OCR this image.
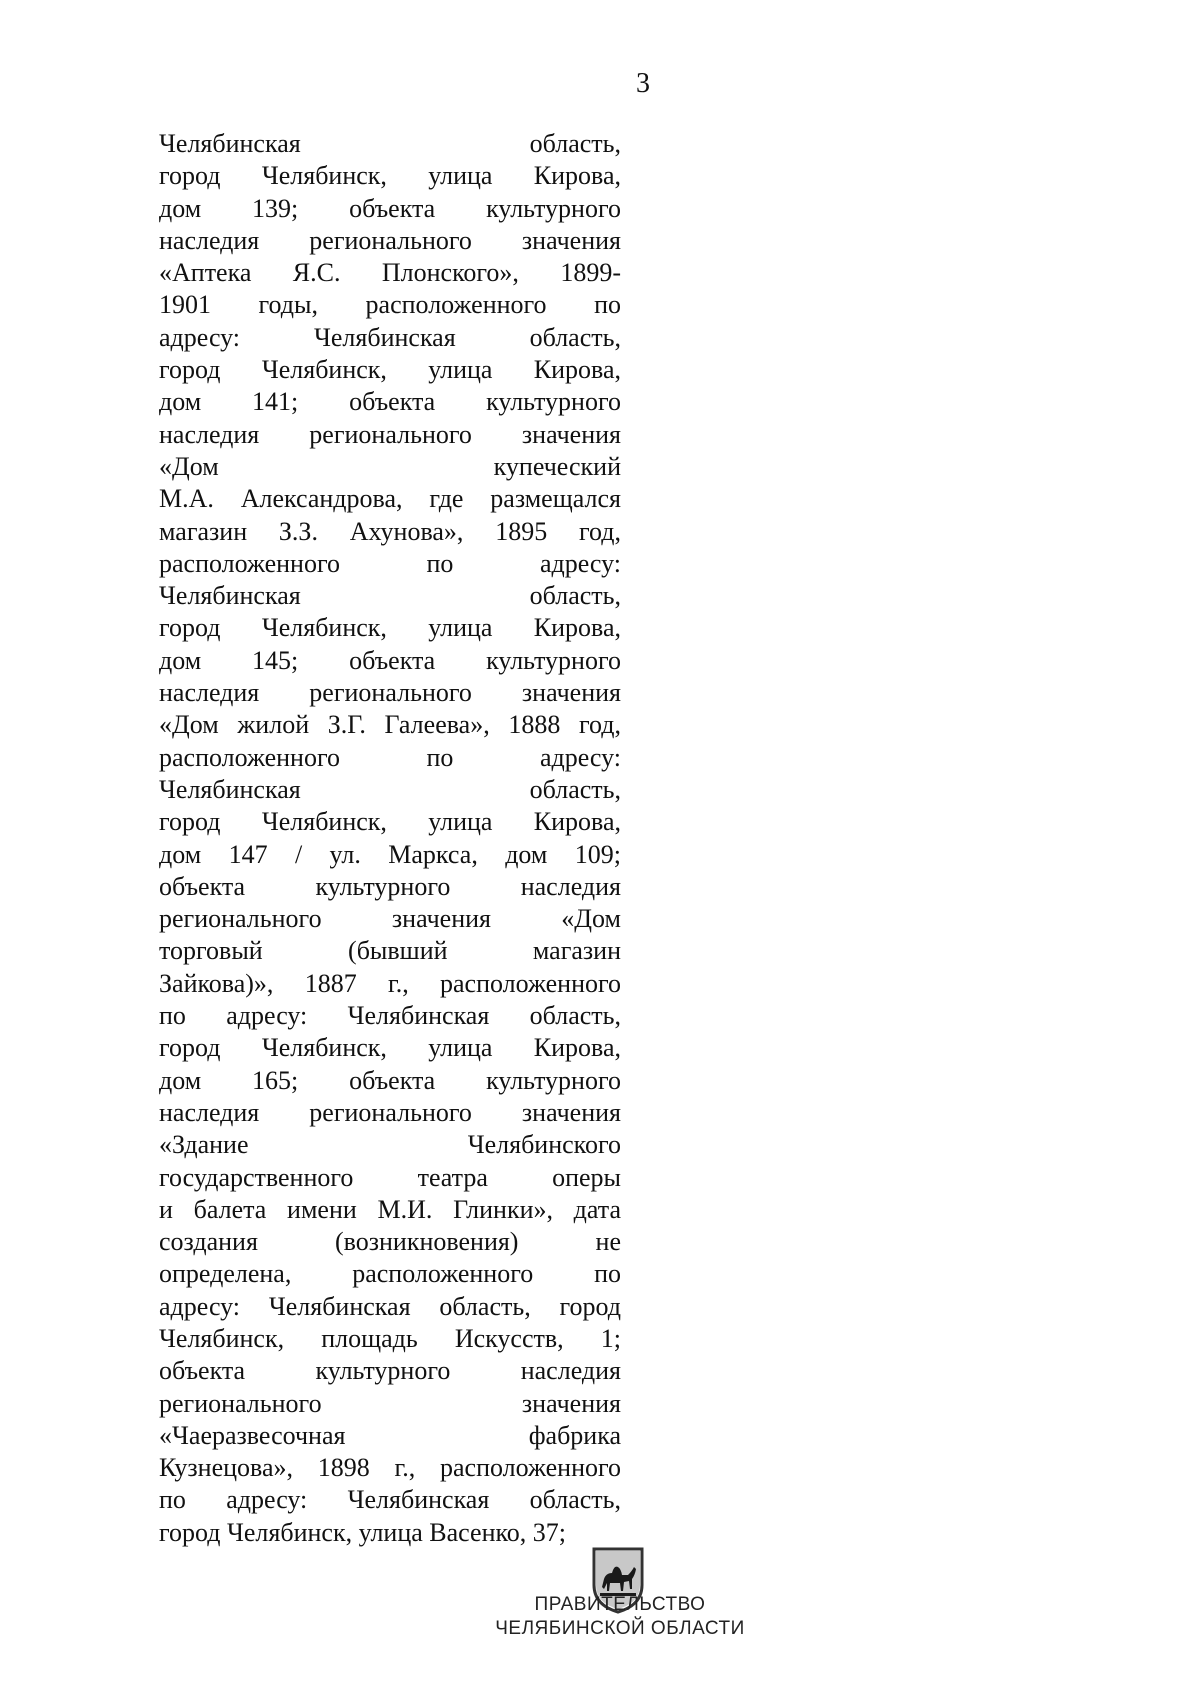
3
Челябинская область,
город Челябинск, улица Кирова,
дом 139; объекта культурного
наследия регионального значения
«Аптека Я.С. Плонского», 1899-
1901 годы, расположенного по
адресу: Челябинская область,
город Челябинск, улица Кирова,
дом 141; объекта культурного
наследия регионального значения
«Дом купеческий
М.А. Александрова, где размещался
магазин З.З. Ахунова», 1895 год,
расположенного по адресу:
Челябинская область,
город Челябинск, улица Кирова,
дом 145; объекта культурного
наследия регионального значения
«Дом жилой З.Г. Галеева», 1888 год,
расположенного по адресу:
Челябинская область,
город Челябинск, улица Кирова,
дом 147 / ул. Маркса, дом 109;
объекта культурного наследия
регионального значения «Дом
торговый (бывший магазин
Зайкова)», 1887 г., расположенного
по адресу: Челябинская область,
город Челябинск, улица Кирова,
дом 165; объекта культурного
наследия регионального значения
«Здание Челябинского
государственного театра оперы
и балета имени М.И. Глинки», дата
создания (возникновения) не
определена, расположенного по
адресу: Челябинская область, город
Челябинск, площадь Искусств, 1;
объекта культурного наследия
регионального значения
«Чаеразвесочная фабрика
Кузнецова», 1898 г., расположенного
по адресу: Челябинская область,
город Челябинск, улица Васенко, 37;
ПРАВИТЕЛЬСТВО
ЧЕЛЯБИНСКОЙ ОБЛАСТИ
